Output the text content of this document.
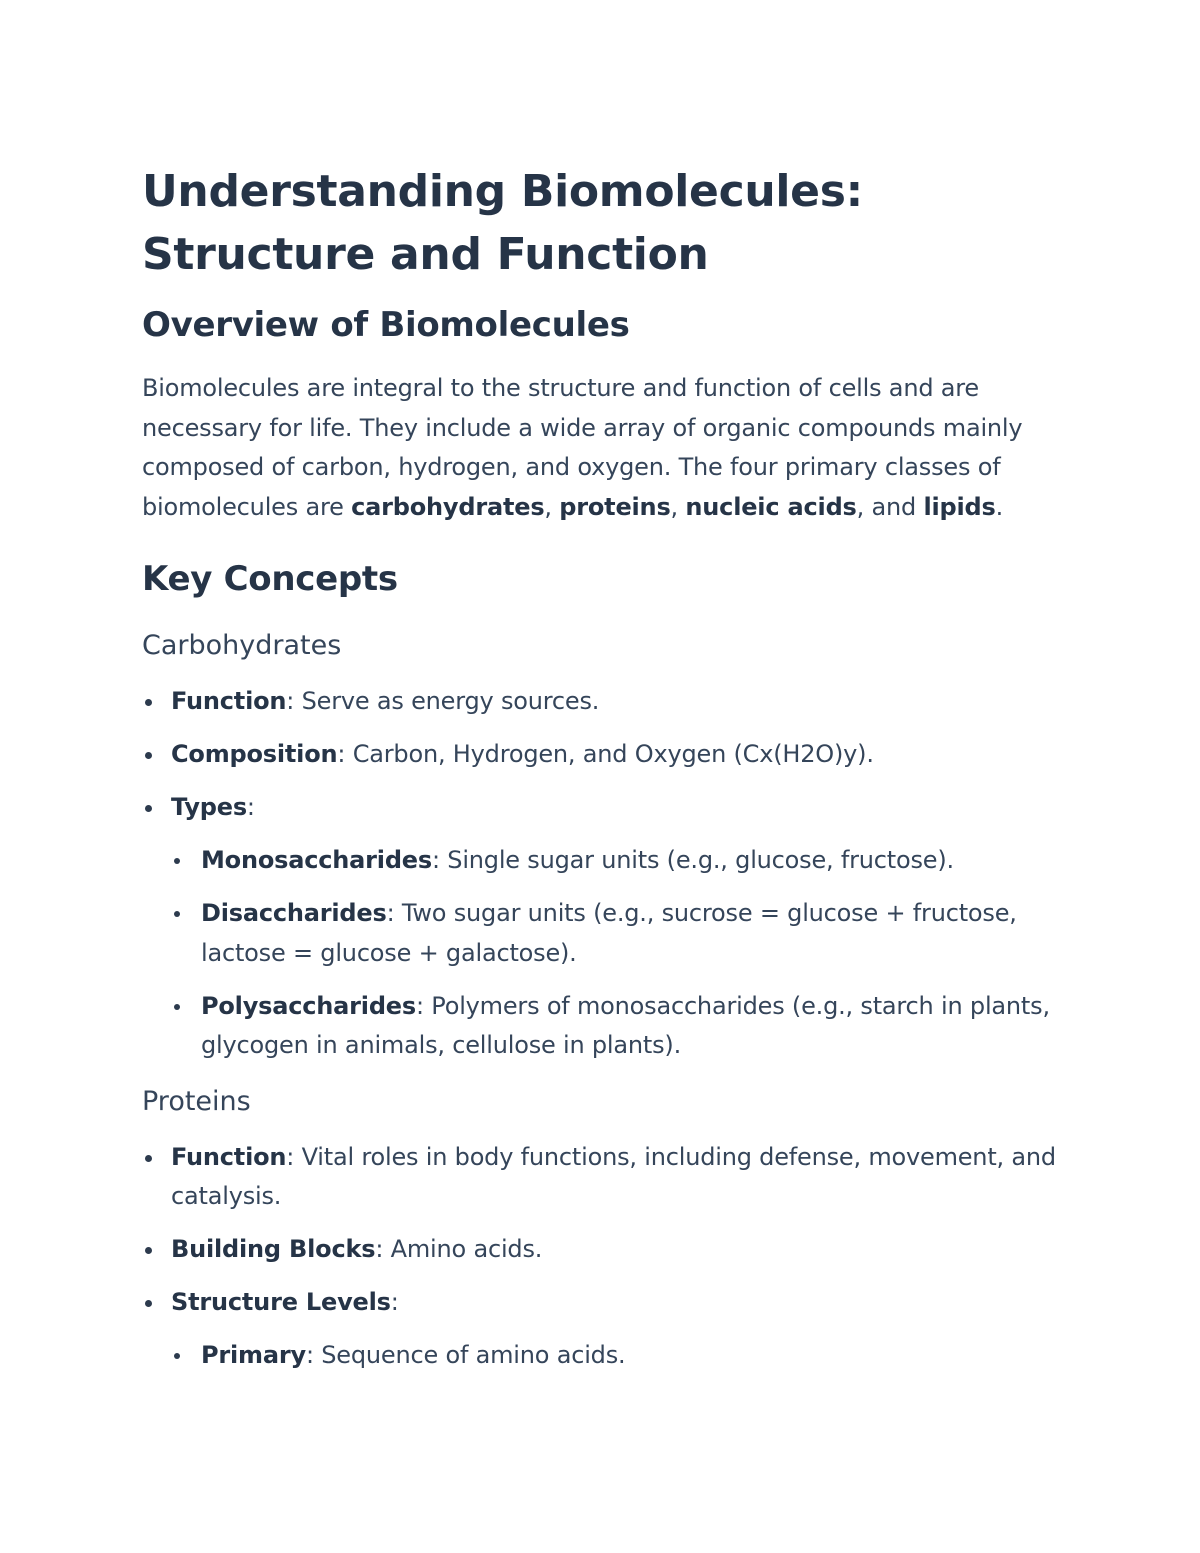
Understanding Biomolecules: Structure and Function
Overview of Biomolecules

Biomolecules are integral to the structure and function of cells and are necessary for life. They include a wide array of organic compounds mainly composed of carbon, hydrogen, and oxygen. The four primary classes of biomolecules are carbohydrates, proteins, nucleic acids, and lipids.

Key Concepts
Carbohydrates
Function: Serve as energy sources.
Composition: Carbon, Hydrogen, and Oxygen (Cx(H2O)y).
Types:
Monosaccharides: Single sugar units (e.g., glucose, fructose).
Disaccharides: Two sugar units (e.g., sucrose = glucose + fructose, lactose = glucose + galactose).
Polysaccharides: Polymers of monosaccharides (e.g., starch in plants, glycogen in animals, cellulose in plants).
Proteins
Function: Vital roles in body functions, including defense, movement, and catalysis.
Building Blocks: Amino acids.
Structure Levels:
Primary: Sequence of amino acids.
